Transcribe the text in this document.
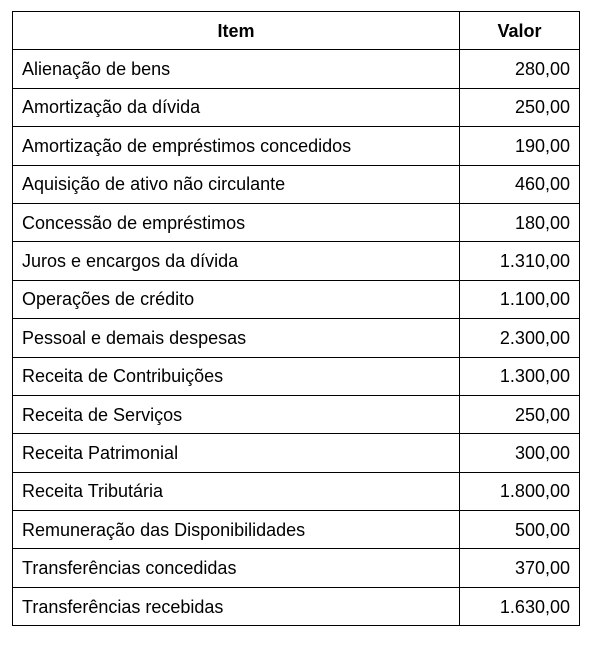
Item	Valor
Alienação de bens	280,00
Amortização da dívida	250,00
Amortização de empréstimos concedidos	190,00
Aquisição de ativo não circulante	460,00
Concessão de empréstimos	180,00
Juros e encargos da dívida	1.310,00
Operações de crédito	1.100,00
Pessoal e demais despesas	2.300,00
Receita de Contribuições	1.300,00
Receita de Serviços	250,00
Receita Patrimonial	300,00
Receita Tributária	1.800,00
Remuneração das Disponibilidades	500,00
Transferências concedidas	370,00
Transferências recebidas	1.630,00
